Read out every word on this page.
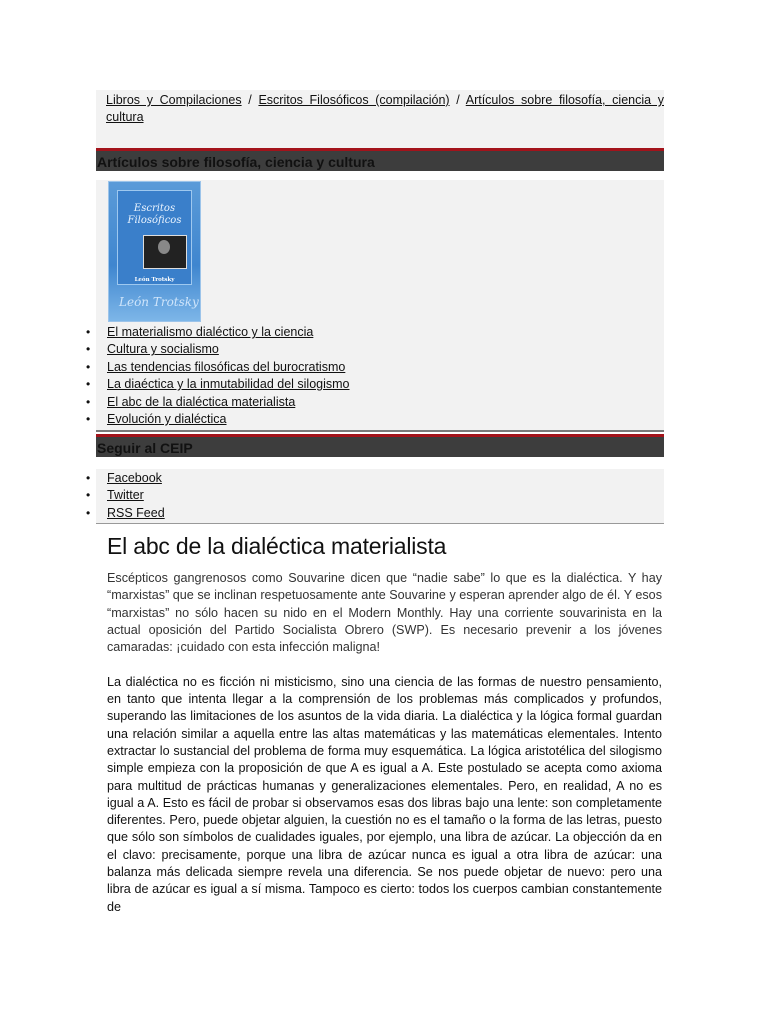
Libros y Compilaciones / Escritos Filosóficos (compilación) / Artículos sobre filosofía, ciencia y cultura
Artículos sobre filosofía, ciencia y cultura
Escritos
Filosóficos
León Trotsky
León Trotsky
• El materialismo dialéctico y la ciencia
• Cultura y socialismo
• Las tendencias filosóficas del burocratismo
• La diaéctica y la inmutabilidad del silogismo
• El abc de la dialéctica materialista
• Evolución y dialéctica
Seguir al CEIP
• Facebook
• Twitter
• RSS Feed
El abc de la dialéctica materialista

Escépticos gangrenosos como Souvarine dicen que “nadie sabe” lo que es la dialéctica. Y hay “marxistas” que se inclinan respetuosamente ante Souvarine y esperan aprender algo de él. Y esos “marxistas” no sólo hacen su nido en el Modern Monthly. Hay una corriente souvarinista en la actual oposición del Partido Socialista Obrero (SWP). Es necesario prevenir a los jóvenes camaradas: ¡cuidado con esta infección maligna!

La dialéctica no es ficción ni misticismo, sino una ciencia de las formas de nuestro pensamiento, en tanto que intenta llegar a la comprensión de los problemas más complicados y profundos, superando las limitaciones de los asuntos de la vida diaria. La dialéctica y la lógica formal guardan una relación similar a aquella entre las altas matemáticas y las matemáticas elementales. Intento extractar lo sustancial del problema de forma muy esquemática. La lógica aristotélica del silogismo simple empieza con la proposición de que A es igual a A. Este postulado se acepta como axioma para multitud de prácticas humanas y generalizaciones elementales. Pero, en realidad, A no es igual a A. Esto es fácil de probar si observamos esas dos libras bajo una lente: son completamente diferentes. Pero, puede objetar alguien, la cuestión no es el tamaño o la forma de las letras, puesto que sólo son símbolos de cualidades iguales, por ejemplo, una libra de azúcar. La objección da en el clavo: precisamente, porque una libra de azúcar nunca es igual a otra libra de azúcar: una balanza más delicada siempre revela una diferencia. Se nos puede objetar de nuevo: pero una libra de azúcar es igual a sí misma. Tampoco es cierto: todos los cuerpos cambian constantemente de
